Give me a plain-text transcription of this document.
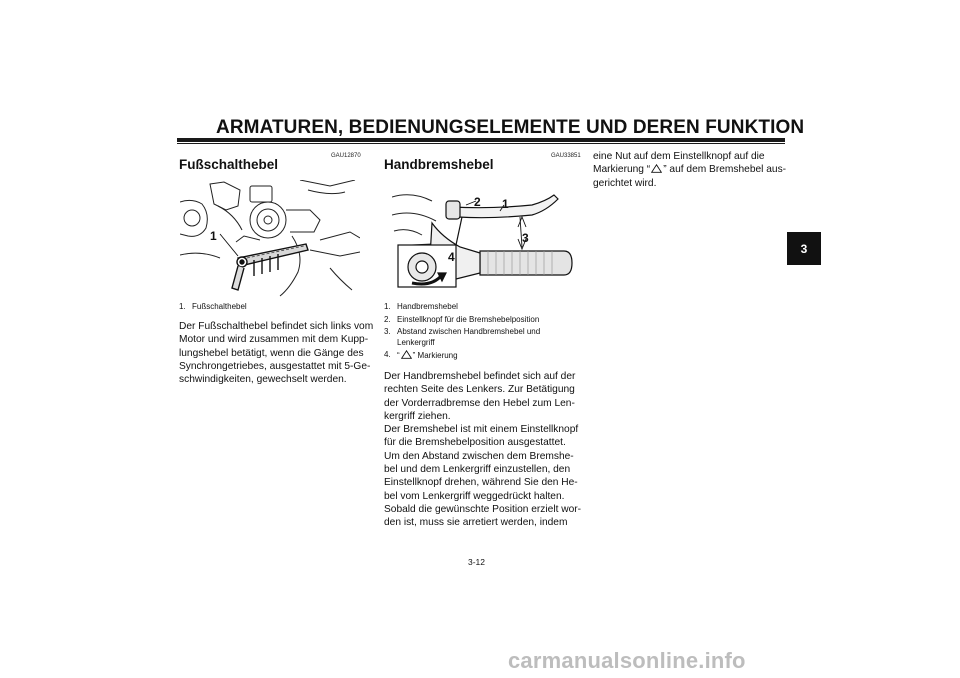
ARMATUREN, BEDIENUNGSELEMENTE UND DEREN FUNKTION
GAU12870
Fußschalthebel
1
1. Fußschalthebel

Der Fußschalthebel befindet sich links vom

Motor und wird zusammen mit dem Kupp-

lungshebel betätigt, wenn die Gänge des

Synchrongetriebes, ausgestattet mit 5-Ge-

schwindigkeiten, gewechselt werden.

GAU33851
Handbremshebel
2 1
3
4
1. Handbremshebel
2. Einstellknopf für die Bremshebelposition
3. Abstand zwischen Handbremshebel und Lenkergriff
4. “ ” Markierung

Der Handbremshebel befindet sich auf der

rechten Seite des Lenkers. Zur Betätigung

der Vorderradbremse den Hebel zum Len-

kergriff ziehen.

Der Bremshebel ist mit einem Einstellknopf

für die Bremshebelposition ausgestattet.

Um den Abstand zwischen dem Bremshe-

bel und dem Lenkergriff einzustellen, den

Einstellknopf drehen, während Sie den He-

bel vom Lenkergriff weggedrückt halten.

Sobald die gewünschte Position erzielt wor-

den ist, muss sie arretiert werden, indem

eine Nut auf dem Einstellknopf auf die

Markierung “ ” auf dem Bremshebel aus-

gerichtet wird.

3
3-12
carmanualsonline.info
